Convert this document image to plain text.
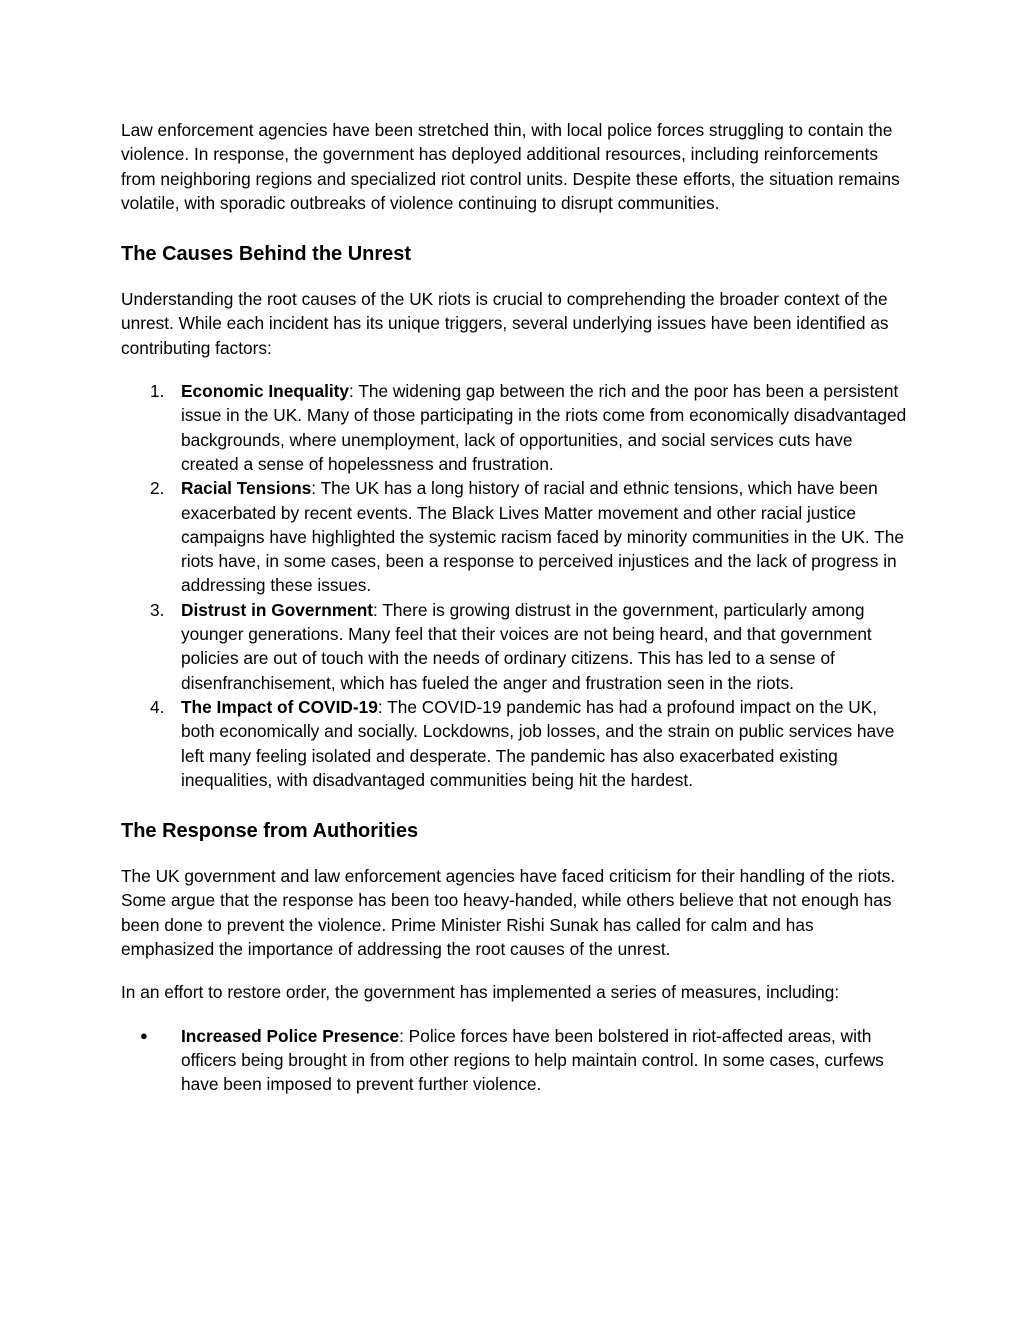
Law enforcement agencies have been stretched thin, with local police forces struggling to contain the violence. In response, the government has deployed additional resources, including reinforcements from neighboring regions and specialized riot control units. Despite these efforts, the situation remains volatile, with sporadic outbreaks of violence continuing to disrupt communities.

The Causes Behind the Unrest

Understanding the root causes of the UK riots is crucial to comprehending the broader context of the unrest. While each incident has its unique triggers, several underlying issues have been identified as contributing factors:

1. Economic Inequality: The widening gap between the rich and the poor has been a persistent issue in the UK. Many of those participating in the riots come from economically disadvantaged backgrounds, where unemployment, lack of opportunities, and social services cuts have created a sense of hopelessness and frustration.
2. Racial Tensions: The UK has a long history of racial and ethnic tensions, which have been exacerbated by recent events. The Black Lives Matter movement and other racial justice campaigns have highlighted the systemic racism faced by minority communities in the UK. The riots have, in some cases, been a response to perceived injustices and the lack of progress in addressing these issues.
3. Distrust in Government: There is growing distrust in the government, particularly among younger generations. Many feel that their voices are not being heard, and that government policies are out of touch with the needs of ordinary citizens. This has led to a sense of disenfranchisement, which has fueled the anger and frustration seen in the riots.
4. The Impact of COVID-19: The COVID-19 pandemic has had a profound impact on the UK, both economically and socially. Lockdowns, job losses, and the strain on public services have left many feeling isolated and desperate. The pandemic has also exacerbated existing inequalities, with disadvantaged communities being hit the hardest.
The Response from Authorities

The UK government and law enforcement agencies have faced criticism for their handling of the riots. Some argue that the response has been too heavy-handed, while others believe that not enough has been done to prevent the violence. Prime Minister Rishi Sunak has called for calm and has emphasized the importance of addressing the root causes of the unrest.

In an effort to restore order, the government has implemented a series of measures, including:

●	Increased Police Presence: Police forces have been bolstered in riot-affected areas, with officers being brought in from other regions to help maintain control. In some cases, curfews have been imposed to prevent further violence.
